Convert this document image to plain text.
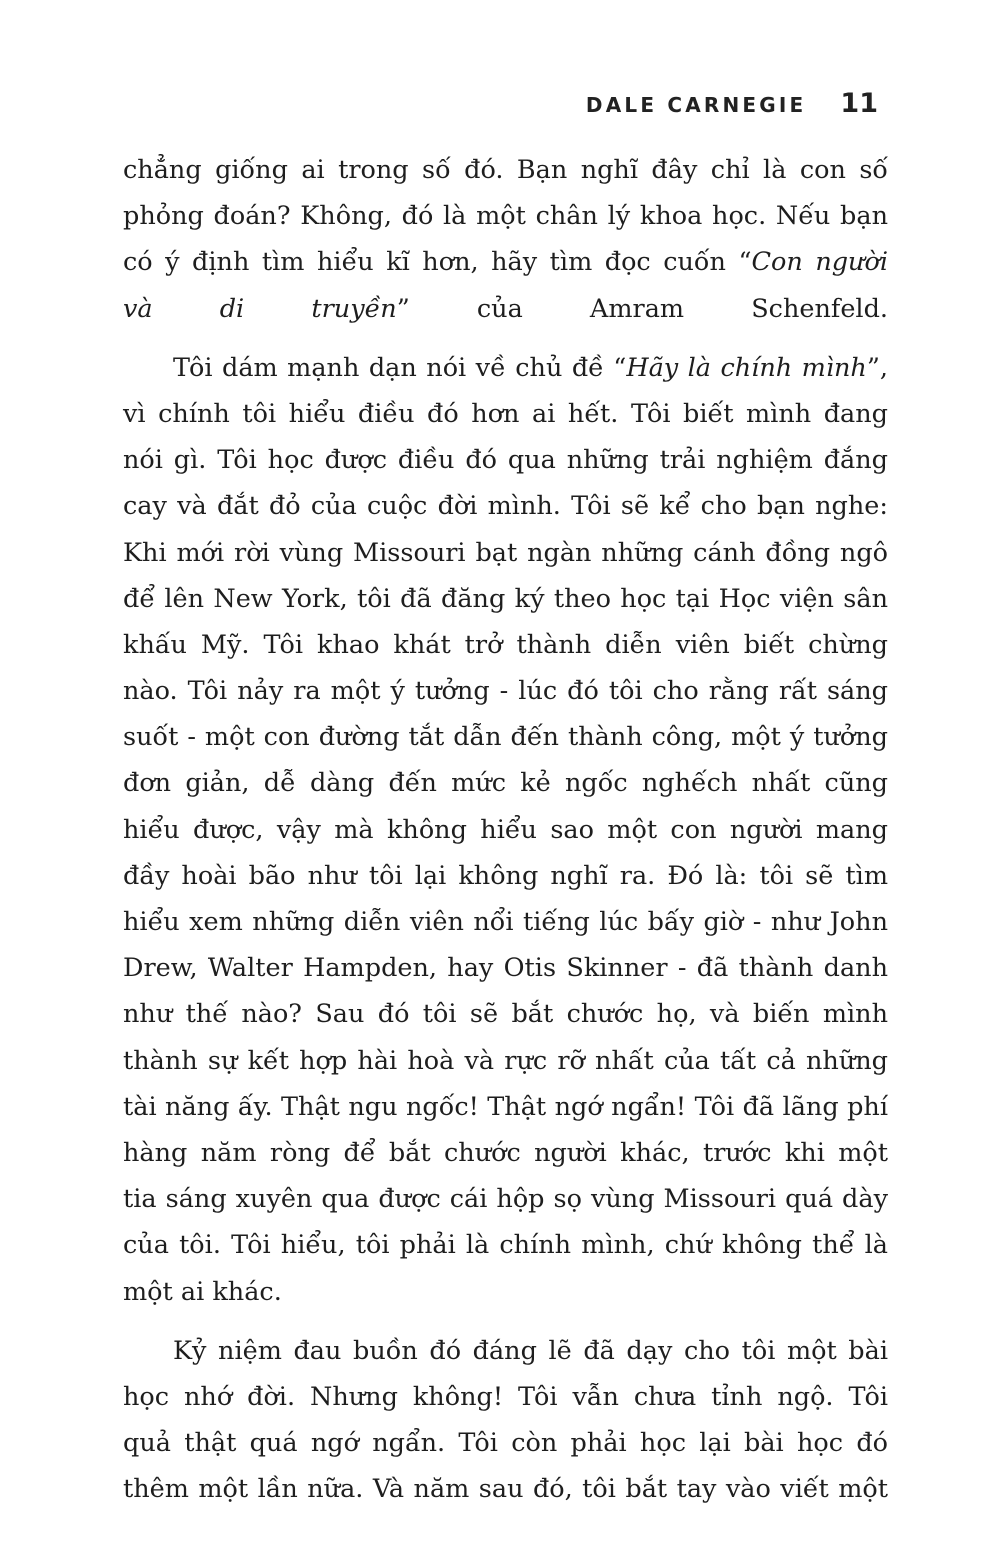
DALE CARNEGIE 11
chẳng giống ai trong số đó. Bạn nghĩ đây chỉ là con số
phỏng đoán? Không, đó là một chân lý khoa học. Nếu bạn
có ý định tìm hiểu kĩ hơn, hãy tìm đọc cuốn “Con người
và di truyền” của Amram Schenfeld.
Tôi dám mạnh dạn nói về chủ đề “Hãy là chính mình”,
vì chính tôi hiểu điều đó hơn ai hết. Tôi biết mình đang
nói gì. Tôi học được điều đó qua những trải nghiệm đắng
cay và đắt đỏ của cuộc đời mình. Tôi sẽ kể cho bạn nghe:
Khi mới rời vùng Missouri bạt ngàn những cánh đồng ngô
để lên New York, tôi đã đăng ký theo học tại Học viện sân
khấu Mỹ. Tôi khao khát trở thành diễn viên biết chừng
nào. Tôi nảy ra một ý tưởng - lúc đó tôi cho rằng rất sáng
suốt - một con đường tắt dẫn đến thành công, một ý tưởng
đơn giản, dễ dàng đến mức kẻ ngốc nghếch nhất cũng
hiểu được, vậy mà không hiểu sao một con người mang
đầy hoài bão như tôi lại không nghĩ ra. Đó là: tôi sẽ tìm
hiểu xem những diễn viên nổi tiếng lúc bấy giờ - như John
Drew, Walter Hampden, hay Otis Skinner - đã thành danh
như thế nào? Sau đó tôi sẽ bắt chước họ, và biến mình
thành sự kết hợp hài hoà và rực rỡ nhất của tất cả những
tài năng ấy. Thật ngu ngốc! Thật ngớ ngẩn! Tôi đã lãng phí
hàng năm ròng để bắt chước người khác, trước khi một
tia sáng xuyên qua được cái hộp sọ vùng Missouri quá dày
của tôi. Tôi hiểu, tôi phải là chính mình, chứ không thể là
một ai khác.
Kỷ niệm đau buồn đó đáng lẽ đã dạy cho tôi một bài
học nhớ đời. Nhưng không! Tôi vẫn chưa tỉnh ngộ. Tôi
quả thật quá ngớ ngẩn. Tôi còn phải học lại bài học đó
thêm một lần nữa. Và năm sau đó, tôi bắt tay vào viết một
